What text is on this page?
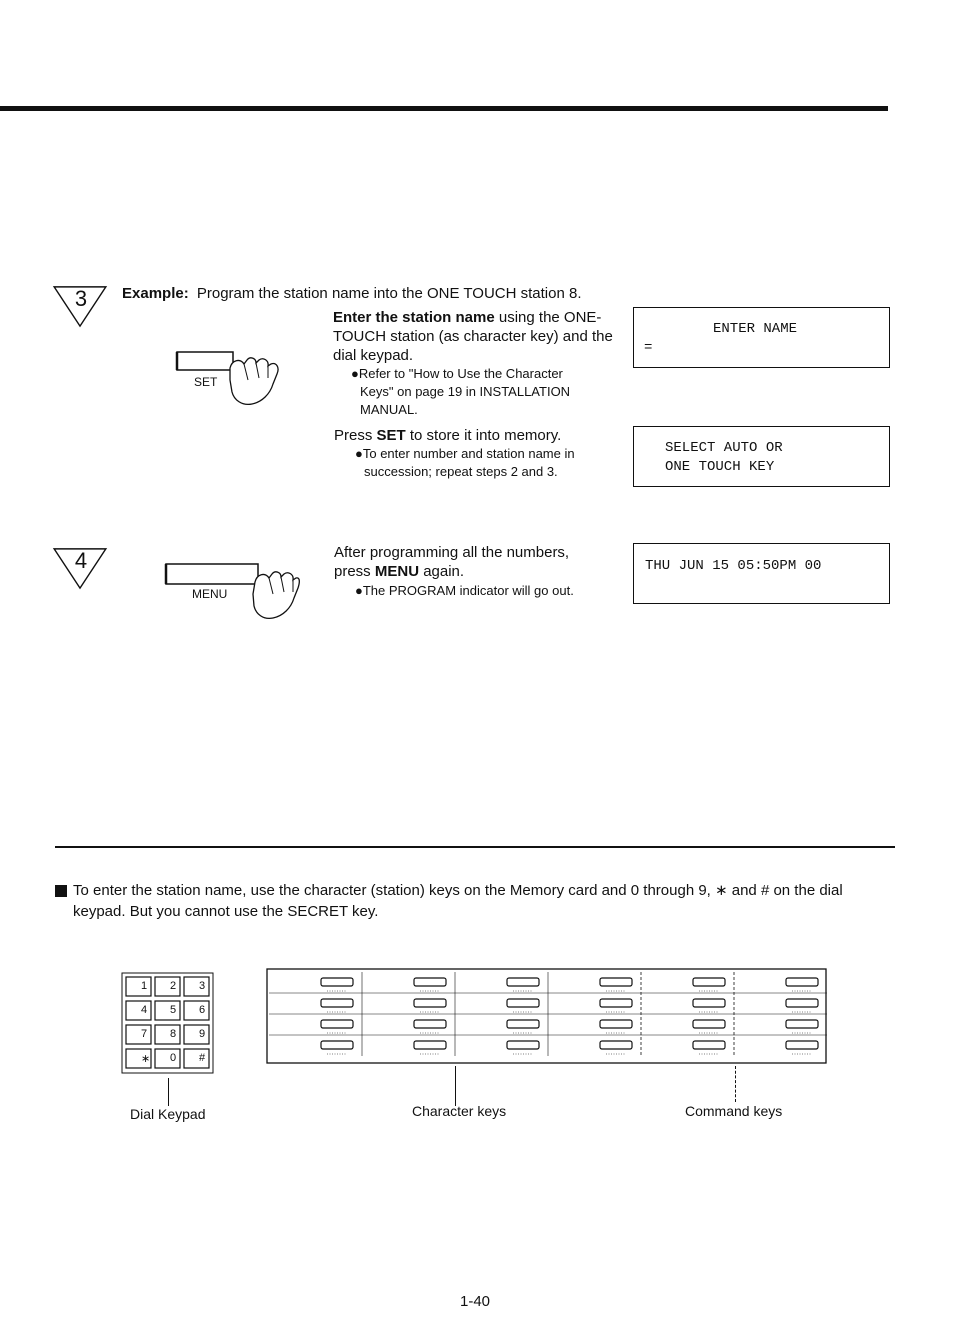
3	Example: Program the station name into the ONE TOUCH station 8.
Enter the station name using the ONE-
TOUCH station (as character key) and the
dial keypad.
●Refer to "How to Use the Character
Keys" on page 19 in INSTALLATION
MANUAL.
Press SET to store it into memory.
●To enter number and station name in
succession; repeat steps 2 and 3.
SET
ENTER NAME
=
SELECT AUTO OR
ONE TOUCH KEY
4
MENU
After programming all the numbers,
press MENU again.
●The PROGRAM indicator will go out.
THU JUN 15 05:50PM 00
To enter the station name, use the character (station) keys on the Memory card and 0 through 9, ∗ and # on the dial
keypad. But you cannot use the SECRET key.
1 2 3
4 5 6
7 8 9
∗ 0 #
Dial Keypad	Character keys	Command keys
1-40
